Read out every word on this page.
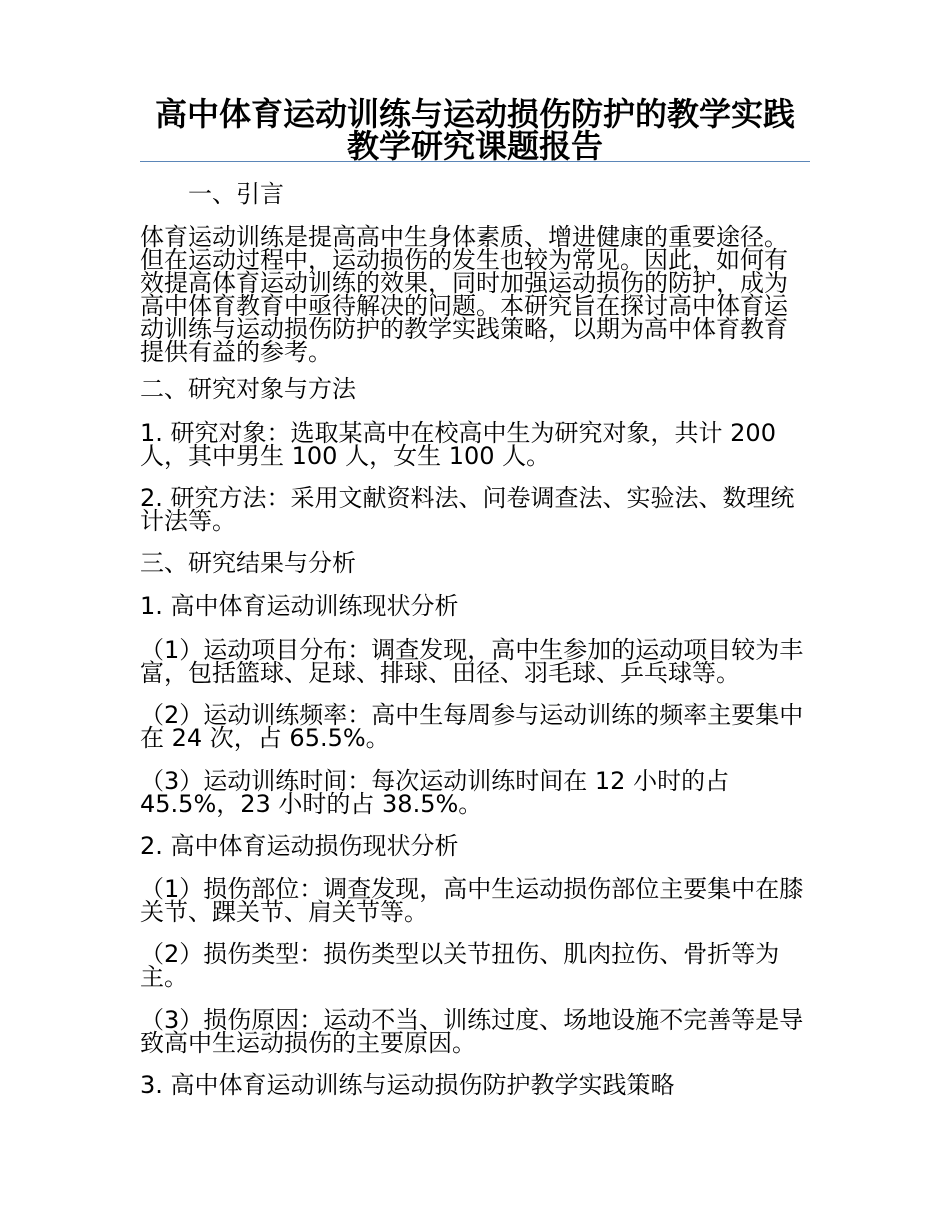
高中体育运动训练与运动损伤防护的教学实践教学研究课题报告

一、引言

体育运动训练是提高高中生身体素质、增进健康的重要途径。但在运动过程中，运动损伤的发生也较为常见。因此，如何有效提高体育运动训练的效果，同时加强运动损伤的防护，成为高中体育教育中亟待解决的问题。本研究旨在探讨高中体育运动训练与运动损伤防护的教学实践策略，以期为高中体育教育提供有益的参考。

二、研究对象与方法

1. 研究对象：选取某高中在校高中生为研究对象，共计 200 人，其中男生 100 人，女生 100 人。

2. 研究方法：采用文献资料法、问卷调查法、实验法、数理统计法等。

三、研究结果与分析

1. 高中体育运动训练现状分析

（1）运动项目分布：调查发现，高中生参加的运动项目较为丰富，包括篮球、足球、排球、田径、羽毛球、乒乓球等。

（2）运动训练频率：高中生每周参与运动训练的频率主要集中在 24 次，占 65.5%。

（3）运动训练时间：每次运动训练时间在 12 小时的占 45.5%，23 小时的占 38.5%。

2. 高中体育运动损伤现状分析

（1）损伤部位：调查发现，高中生运动损伤部位主要集中在膝关节、踝关节、肩关节等。

（2）损伤类型：损伤类型以关节扭伤、肌肉拉伤、骨折等为主。

（3）损伤原因：运动不当、训练过度、场地设施不完善等是导致高中生运动损伤的主要原因。

3. 高中体育运动训练与运动损伤防护教学实践策略
